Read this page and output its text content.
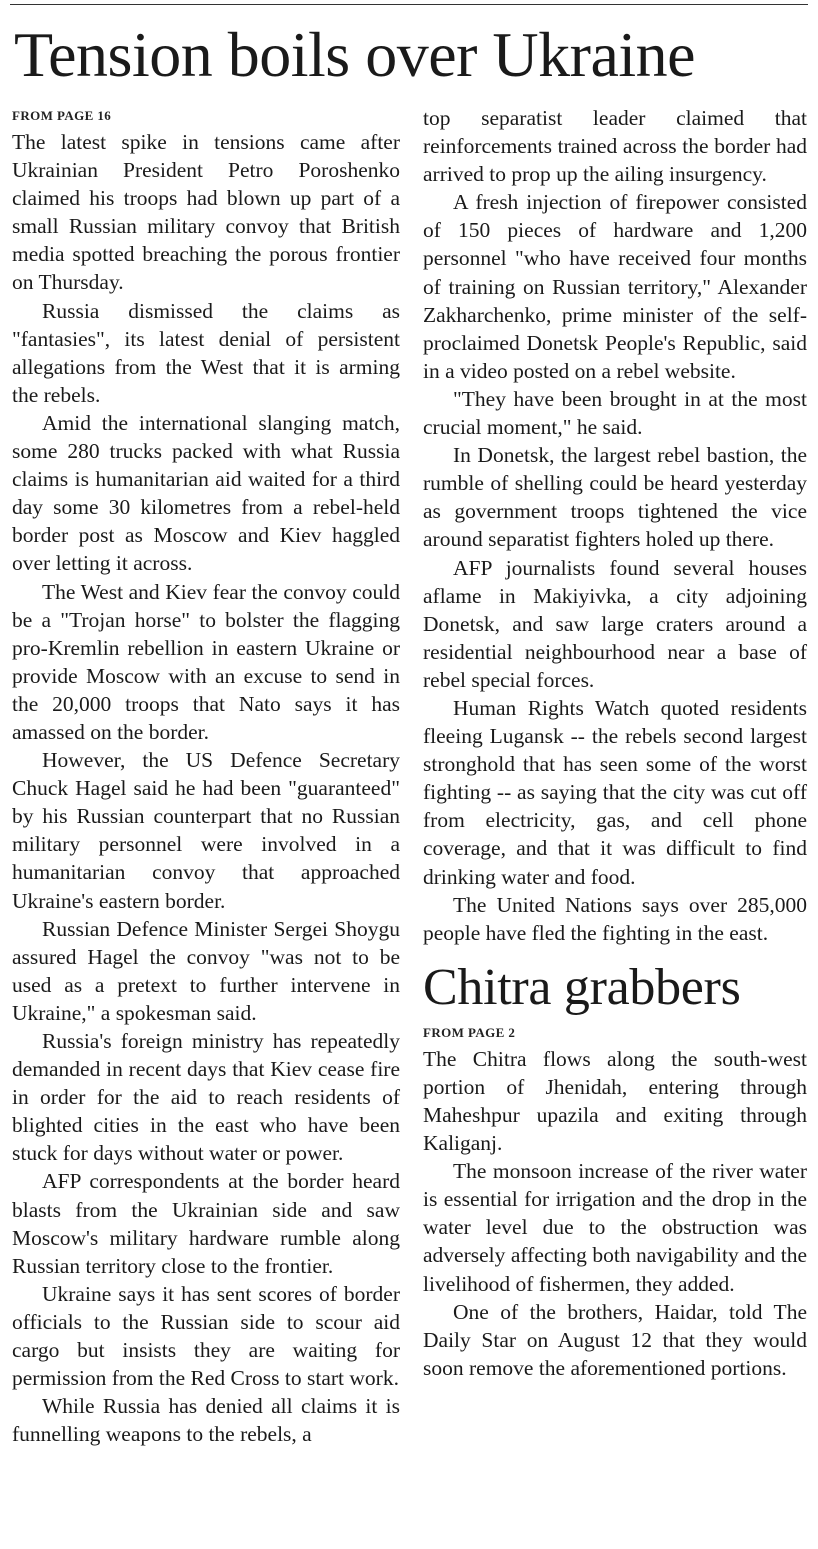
Tension boils over Ukraine
FROM PAGE 16

The latest spike in tensions came after Ukrainian President Petro Poroshenko claimed his troops had blown up part of a small Russian military convoy that British media spotted breaching the porous frontier on Thursday.

Russia dismissed the claims as "fantasies", its latest denial of persistent allegations from the West that it is arming the rebels.

Amid the international slanging match, some 280 trucks packed with what Russia claims is humanitarian aid waited for a third day some 30 kilometres from a rebel-held border post as Moscow and Kiev haggled over letting it across.

The West and Kiev fear the convoy could be a "Trojan horse" to bolster the flagging pro-Kremlin rebellion in eastern Ukraine or provide Moscow with an excuse to send in the 20,000 troops that Nato says it has amassed on the border.

However, the US Defence Secretary Chuck Hagel said he had been "guaranteed" by his Russian counterpart that no Russian military personnel were involved in a humanitarian convoy that approached Ukraine's eastern border.

Russian Defence Minister Sergei Shoygu assured Hagel the convoy "was not to be used as a pretext to further intervene in Ukraine," a spokesman said.

Russia's foreign ministry has repeatedly demanded in recent days that Kiev cease fire in order for the aid to reach residents of blighted cities in the east who have been stuck for days without water or power.

AFP correspondents at the border heard blasts from the Ukrainian side and saw Moscow's military hardware rumble along Russian territory close to the frontier.

Ukraine says it has sent scores of border officials to the Russian side to scour aid cargo but insists they are waiting for permission from the Red Cross to start work.

While Russia has denied all claims it is funnelling weapons to the rebels, a

top separatist leader claimed that reinforcements trained across the border had arrived to prop up the ailing insurgency.

A fresh injection of firepower consisted of 150 pieces of hardware and 1,200 personnel "who have received four months of training on Russian territory," Alexander Zakharchenko, prime minister of the self-proclaimed Donetsk People's Republic, said in a video posted on a rebel website.

"They have been brought in at the most crucial moment," he said.

In Donetsk, the largest rebel bastion, the rumble of shelling could be heard yesterday as government troops tightened the vice around separatist fighters holed up there.

AFP journalists found several houses aflame in Makiyivka, a city adjoining Donetsk, and saw large craters around a residential neighbourhood near a base of rebel special forces.

Human Rights Watch quoted residents fleeing Lugansk -- the rebels second largest stronghold that has seen some of the worst fighting -- as saying that the city was cut off from electricity, gas, and cell phone coverage, and that it was difficult to find drinking water and food.

The United Nations says over 285,000 people have fled the fighting in the east.

Chitra grabbers
FROM PAGE 2

The Chitra flows along the south-west portion of Jhenidah, entering through Maheshpur upazila and exiting through Kaliganj.

The monsoon increase of the river water is essential for irrigation and the drop in the water level due to the obstruction was adversely affecting both navigability and the livelihood of fishermen, they added.

One of the brothers, Haidar, told The Daily Star on August 12 that they would soon remove the aforementioned portions.
